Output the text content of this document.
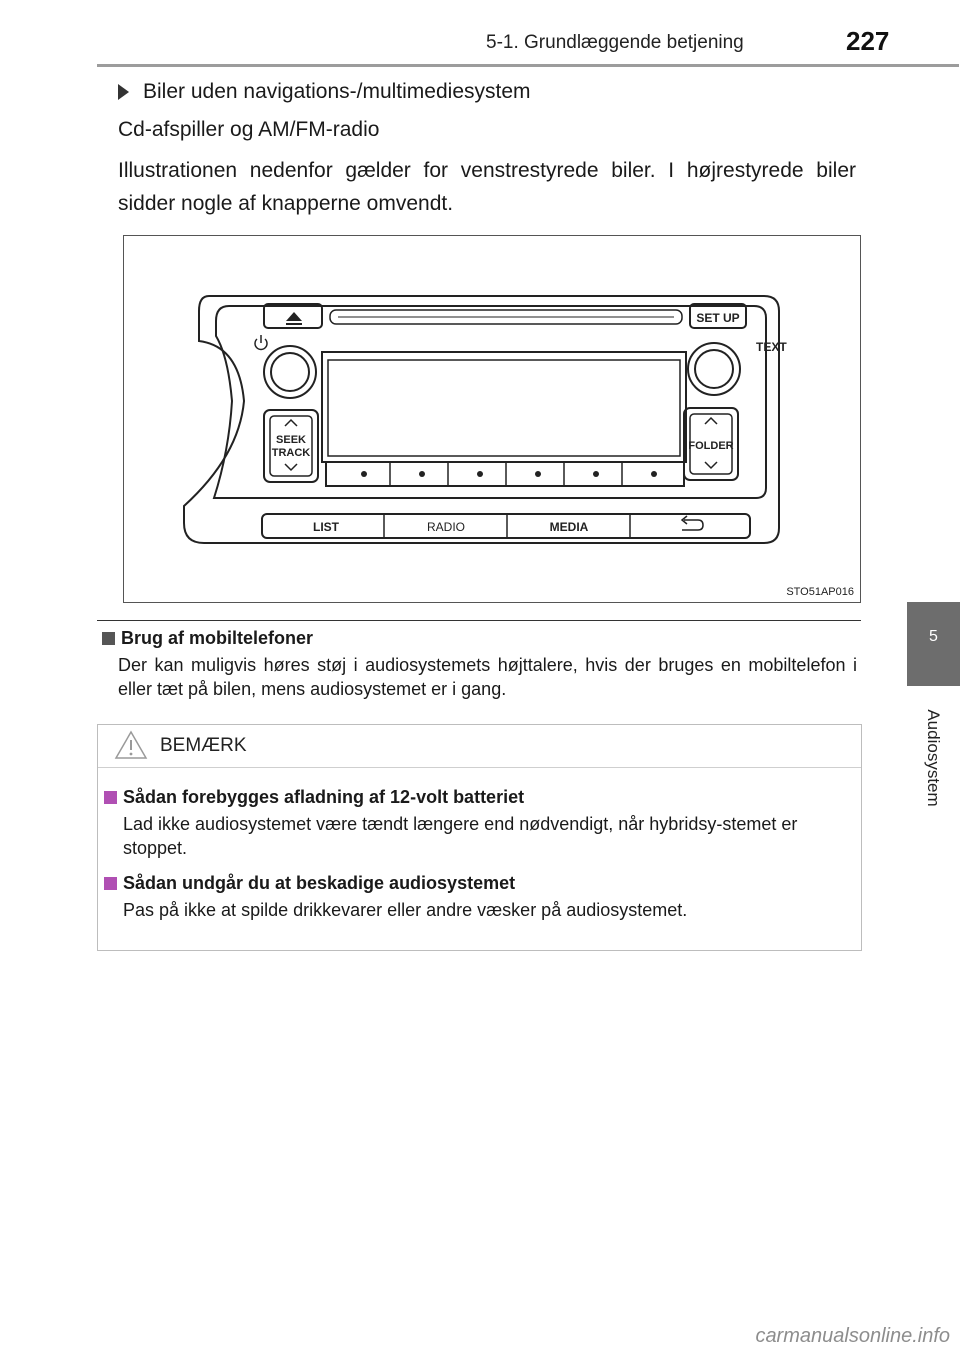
5-1. Grundlæggende betjening	227
5
Audiosystem
Biler uden navigations-/multimediesystem
Cd-afspiller og AM/FM-radio
Illustrationen nedenfor gælder for venstrestyrede biler. I højrestyrede biler sidder nogle af knapperne omvendt.
SET UP
TEXT
SEEK
TRACK
FOLDER
LIST	RADIO	MEDIA
STO51AP016
Brug af mobiltelefoner
Der kan muligvis høres støj i audiosystemets højttalere, hvis der bruges en mobiltelefon i eller tæt på bilen, mens audiosystemet er i gang.
BEMÆRK
Sådan forebygges afladning af 12-volt batteriet
Lad ikke audiosystemet være tændt længere end nødvendigt, når hybridsy-stemet er stoppet.
Sådan undgår du at beskadige audiosystemet
Pas på ikke at spilde drikkevarer eller andre væsker på audiosystemet.
carmanualsonline.info
